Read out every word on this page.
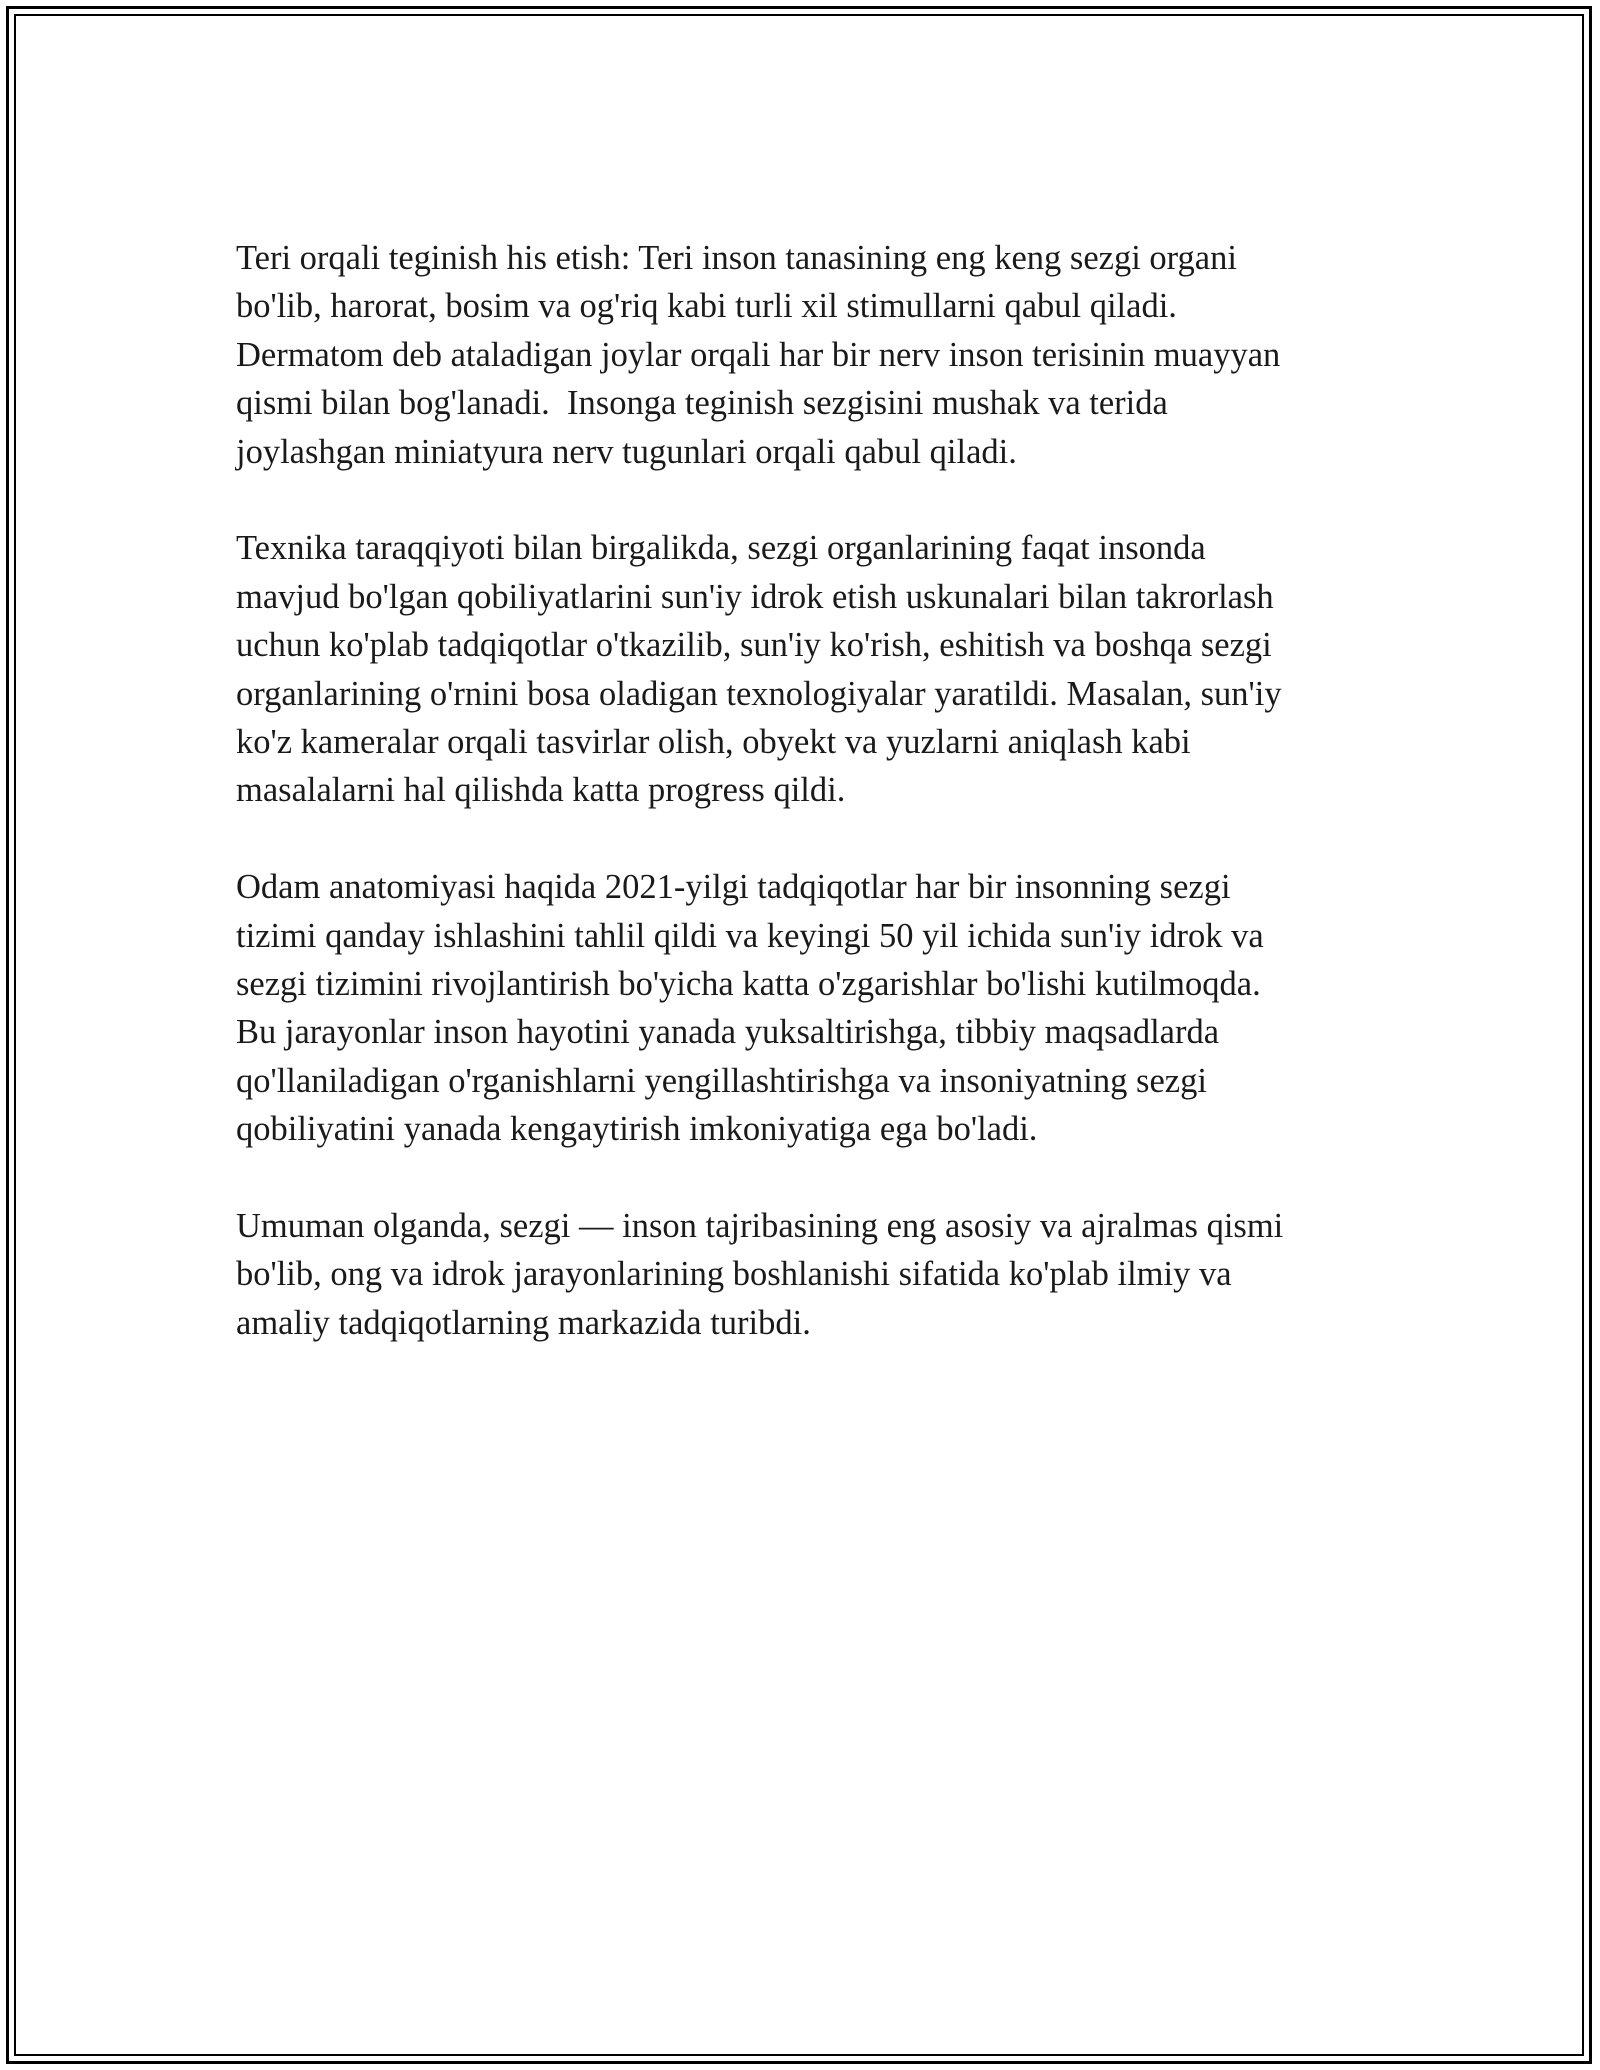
Teri orqali teginish his etish: Teri inson tanasining eng keng sezgi organi
bo'lib, harorat, bosim va og'riq kabi turli xil stimullarni qabul qiladi.
Dermatom deb ataladigan joylar orqali har bir nerv inson terisinin muayyan
qismi bilan bog'lanadi.  Insonga teginish sezgisini mushak va terida
joylashgan miniatyura nerv tugunlari orqali qabul qiladi.

Texnika taraqqiyoti bilan birgalikda, sezgi organlarining faqat insonda
mavjud bo'lgan qobiliyatlarini sun'iy idrok etish uskunalari bilan takrorlash
uchun ko'plab tadqiqotlar o'tkazilib, sun'iy ko'rish, eshitish va boshqa sezgi
organlarining o'rnini bosa oladigan texnologiyalar yaratildi. Masalan, sun'iy
ko'z kameralar orqali tasvirlar olish, obyekt va yuzlarni aniqlash kabi
masalalarni hal qilishda katta progress qildi.

Odam anatomiyasi haqida 2021-yilgi tadqiqotlar har bir insonning sezgi
tizimi qanday ishlashini tahlil qildi va keyingi 50 yil ichida sun'iy idrok va
sezgi tizimini rivojlantirish bo'yicha katta o'zgarishlar bo'lishi kutilmoqda.
Bu jarayonlar inson hayotini yanada yuksaltirishga, tibbiy maqsadlarda
qo'llaniladigan o'rganishlarni yengillashtirishga va insoniyatning sezgi
qobiliyatini yanada kengaytirish imkoniyatiga ega bo'ladi.

Umuman olganda, sezgi — inson tajribasining eng asosiy va ajralmas qismi
bo'lib, ong va idrok jarayonlarining boshlanishi sifatida ko'plab ilmiy va
amaliy tadqiqotlarning markazida turibdi.
